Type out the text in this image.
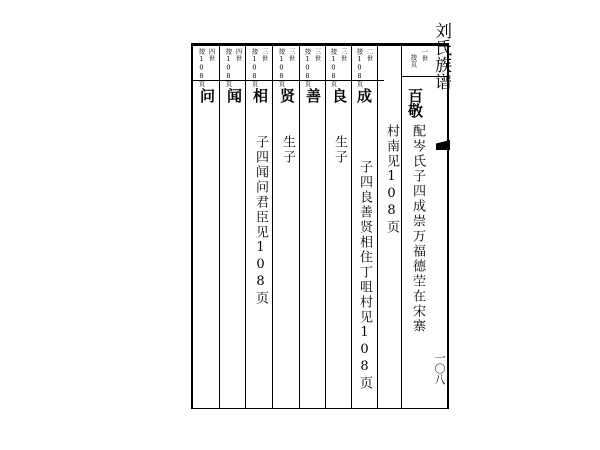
刘氏族谱
一〇八
一世
接页
百敬
配岑氏子四成崇万福德茔在宋寨
村南见108页
二世
接108页
成
子四良善贤相住丁咀村见108页
三世
接108页
良
生子
三世
接108页
善
三世
接108页
贤
生子
三世
接108页
相
子四闻问君臣见108页
四世
接108页
闻
四世
接108页
问
